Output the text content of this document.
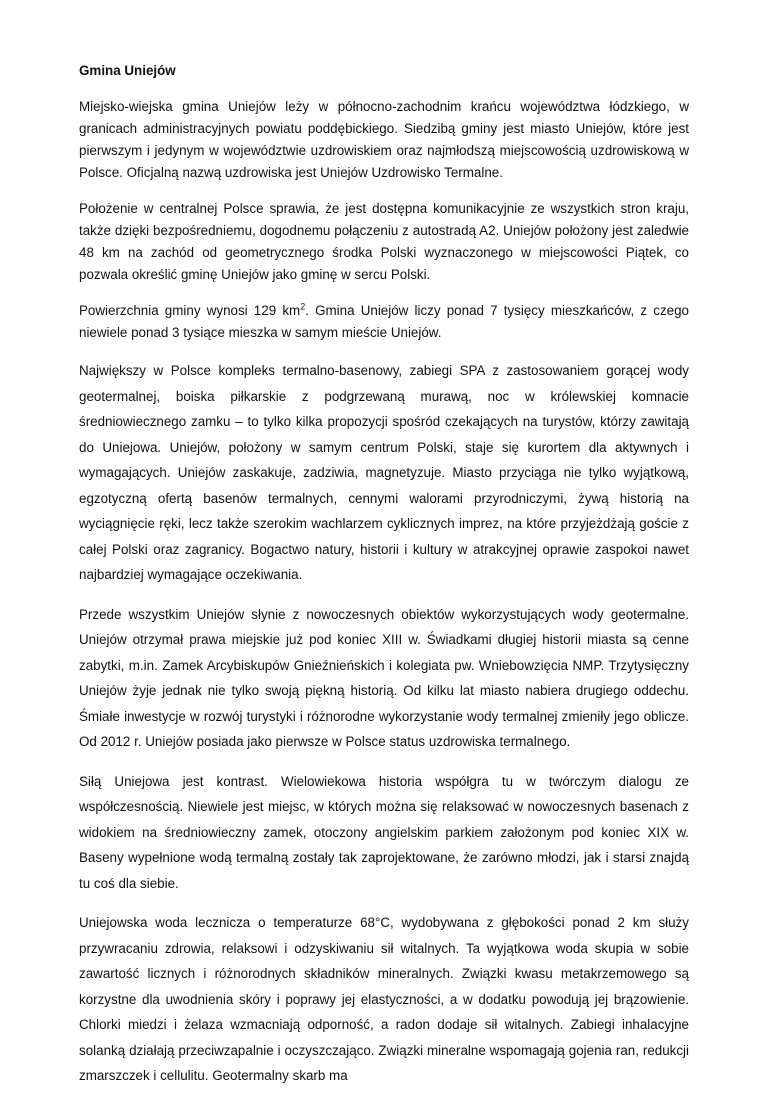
Gmina Uniejów

Miejsko-wiejska gmina Uniejów leży w północno-zachodnim krańcu województwa łódzkiego, w granicach administracyjnych powiatu poddębickiego. Siedzibą gminy jest miasto Uniejów, które jest pierwszym i jedynym w województwie uzdrowiskiem oraz najmłodszą miejscowością uzdrowiskową w Polsce. Oficjalną nazwą uzdrowiska jest Uniejów Uzdrowisko Termalne.

Położenie w centralnej Polsce sprawia, że jest dostępna komunikacyjnie ze wszystkich stron kraju, także dzięki bezpośredniemu, dogodnemu połączeniu z autostradą A2. Uniejów położony jest zaledwie 48 km na zachód od geometrycznego środka Polski wyznaczonego w miejscowości Piątek, co pozwala określić gminę Uniejów jako gminę w sercu Polski.

Powierzchnia gminy wynosi 129 $km^2$. Gmina Uniejów liczy ponad 7 tysięcy mieszkańców, z czego niewiele ponad 3 tysiące mieszka w samym mieście Uniejów.

Największy w Polsce kompleks termalno-basenowy, zabiegi SPA z zastosowaniem gorącej wody geotermalnej, boiska piłkarskie z podgrzewaną murawą, noc w królewskiej komnacie średniowiecznego zamku – to tylko kilka propozycji spośród czekających na turystów, którzy zawitają do Uniejowa. Uniejów, położony w samym centrum Polski, staje się kurortem dla aktywnych i wymagających. Uniejów zaskakuje, zadziwia, magnetyzuje. Miasto przyciąga nie tylko wyjątkową, egzotyczną ofertą basenów termalnych, cennymi walorami przyrodniczymi, żywą historią na wyciągnięcie ręki, lecz także szerokim wachlarzem cyklicznych imprez, na które przyjeżdżają goście z całej Polski oraz zagranicy. Bogactwo natury, historii i kultury w atrakcyjnej oprawie zaspokoi nawet najbardziej wymagające oczekiwania.

Przede wszystkim Uniejów słynie z nowoczesnych obiektów wykorzystujących wody geotermalne. Uniejów otrzymał prawa miejskie już pod koniec XIII w. Świadkami długiej historii miasta są cenne zabytki, m.in. Zamek Arcybiskupów Gnieźnieńskich i kolegiata pw. Wniebowzięcia NMP. Trzytysięczny Uniejów żyje jednak nie tylko swoją piękną historią. Od kilku lat miasto nabiera drugiego oddechu. Śmiałe inwestycje w rozwój turystyki i różnorodne wykorzystanie wody termalnej zmieniły jego oblicze. Od 2012 r. Uniejów posiada jako pierwsze w Polsce status uzdrowiska termalnego.

Siłą Uniejowa jest kontrast. Wielowiekowa historia współgra tu w twórczym dialogu ze współczesnością. Niewiele jest miejsc, w których można się relaksować w nowoczesnych basenach z widokiem na średniowieczny zamek, otoczony angielskim parkiem założonym pod koniec XIX w. Baseny wypełnione wodą termalną zostały tak zaprojektowane, że zarówno młodzi, jak i starsi znajdą tu coś dla siebie.

Uniejowska woda lecznicza o temperaturze 68°C, wydobywana z głębokości ponad 2 km służy przywracaniu zdrowia, relaksowi i odzyskiwaniu sił witalnych. Ta wyjątkowa woda skupia w sobie zawartość licznych i różnorodnych składników mineralnych. Związki kwasu metakrzemowego są korzystne dla uwodnienia skóry i poprawy jej elastyczności, a w dodatku powodują jej brązowienie. Chlorki miedzi i żelaza wzmacniają odporność, a radon dodaje sił witalnych. Zabiegi inhalacyjne solanką działają przeciwzapalnie i oczyszczająco. Związki mineralne wspomagają gojenia ran, redukcji zmarszczek i cellulitu. Geotermalny skarb ma
